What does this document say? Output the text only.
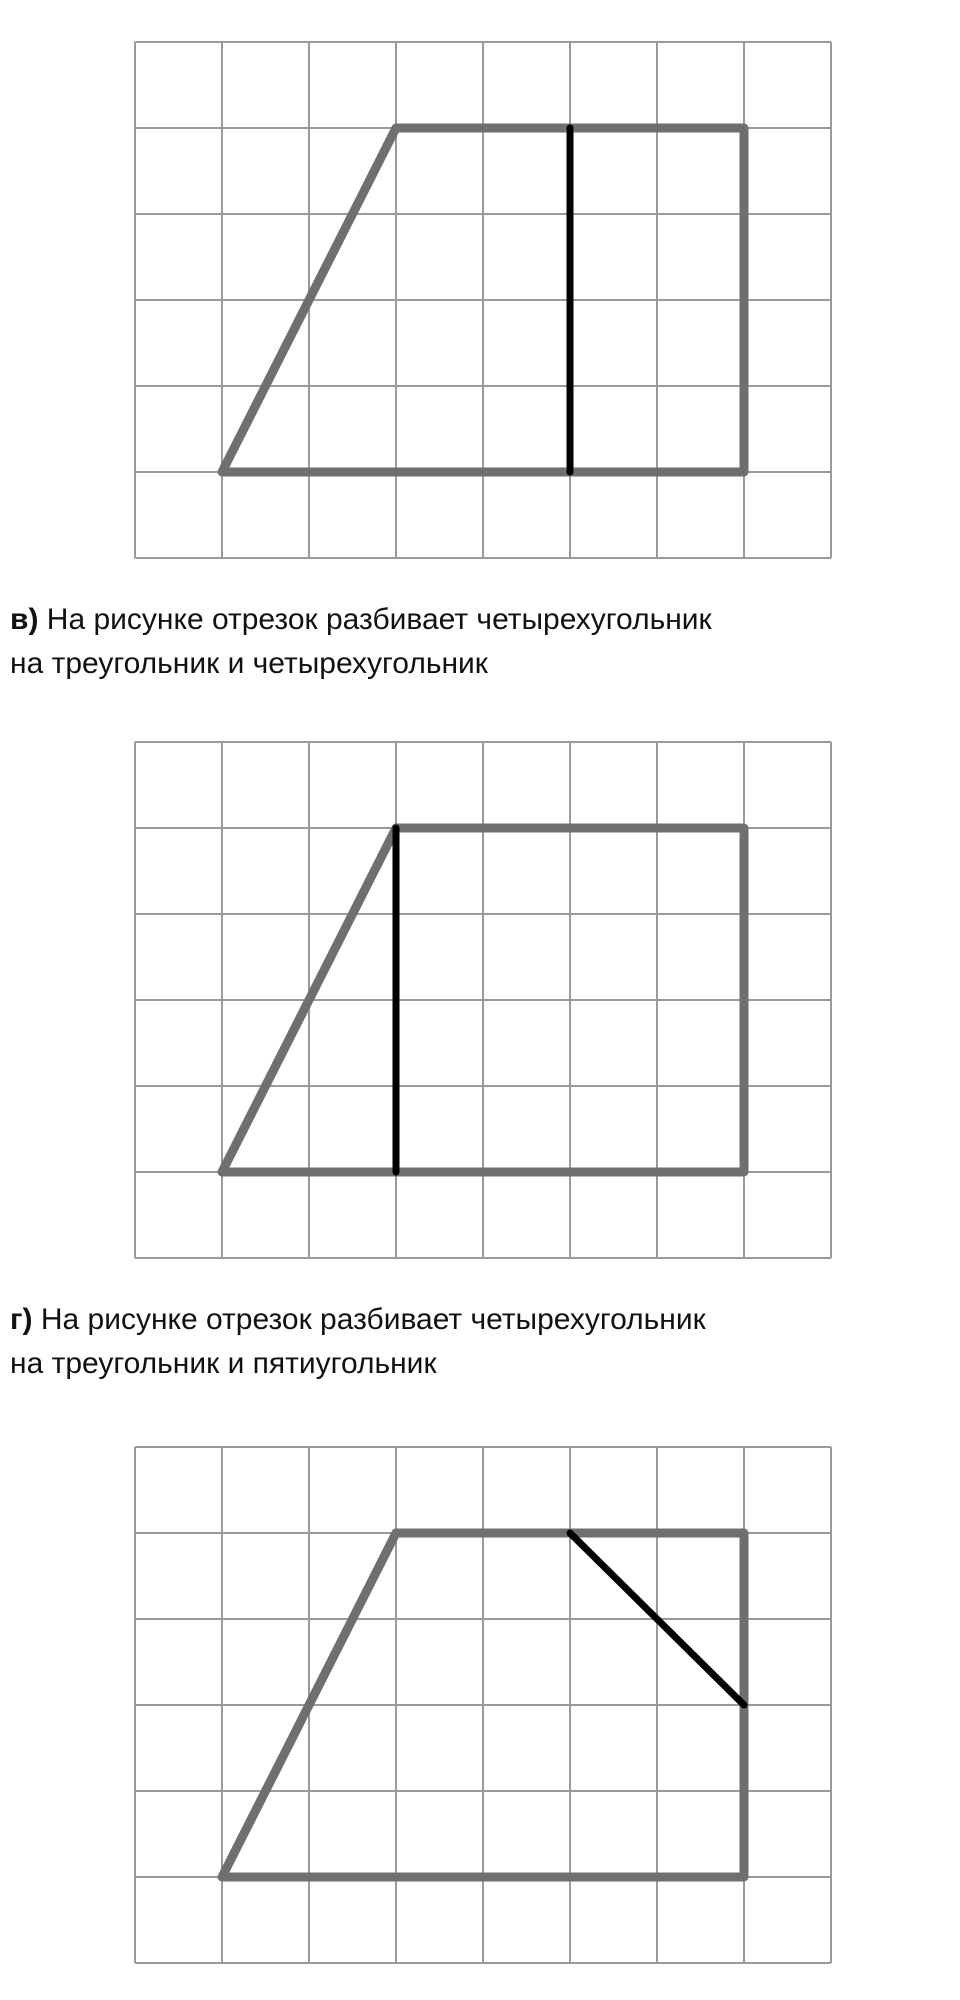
в) На рисунке отрезок разбивает четырехугольник
на треугольник и четырехугольник
г) На рисунке отрезок разбивает четырехугольник
на треугольник и пятиугольник
